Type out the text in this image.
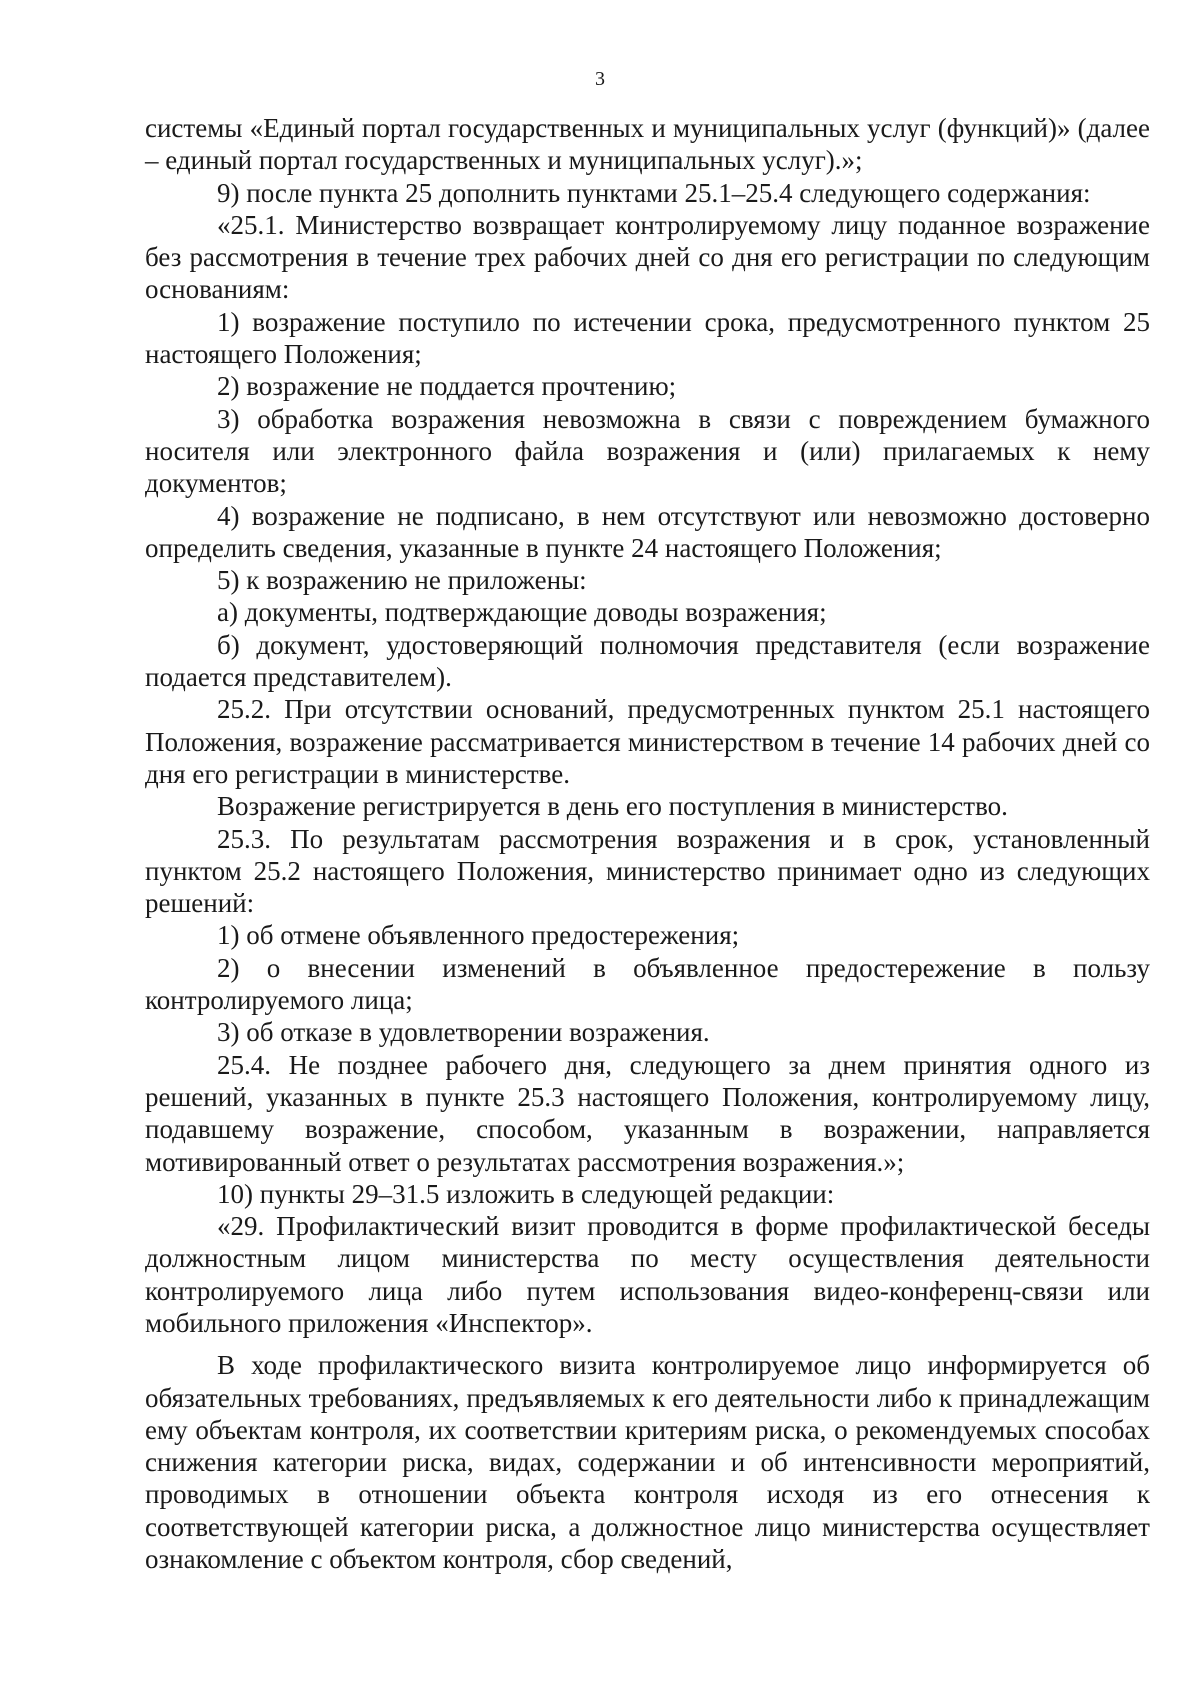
3

системы «Единый портал государственных и муниципальных услуг (функций)» (далее – единый портал государственных и муниципальных услуг).»;

9) после пункта 25 дополнить пунктами 25.1–25.4 следующего содержания:

«25.1. Министерство возвращает контролируемому лицу поданное возражение без рассмотрения в течение трех рабочих дней со дня его регистрации по следующим основаниям:

1) возражение поступило по истечении срока, предусмотренного пунктом 25 настоящего Положения;

2) возражение не поддается прочтению;

3) обработка возражения невозможна в связи с повреждением бумажного носителя или электронного файла возражения и (или) прилагаемых к нему документов;

4) возражение не подписано, в нем отсутствуют или невозможно достоверно определить сведения, указанные в пункте 24 настоящего Положения;

5) к возражению не приложены:

а) документы, подтверждающие доводы возражения;

б) документ, удостоверяющий полномочия представителя (если возражение подается представителем).

25.2. При отсутствии оснований, предусмотренных пунктом 25.1 настоящего Положения, возражение рассматривается министерством в течение 14 рабочих дней со дня его регистрации в министерстве.

Возражение регистрируется в день его поступления в министерство.

25.3. По результатам рассмотрения возражения и в срок, установленный пунктом 25.2 настоящего Положения, министерство принимает одно из следующих решений:

1) об отмене объявленного предостережения;

2) о внесении изменений в объявленное предостережение в пользу контролируемого лица;

3) об отказе в удовлетворении возражения.

25.4. Не позднее рабочего дня, следующего за днем принятия одного из решений, указанных в пункте 25.3 настоящего Положения, контролируемому лицу, подавшему возражение, способом, указанным в возражении, направляется мотивированный ответ о результатах рассмотрения возражения.»;

10) пункты 29–31.5 изложить в следующей редакции:

«29. Профилактический визит проводится в форме профилактической беседы должностным лицом министерства по месту осуществления деятельности контролируемого лица либо путем использования видео-конференц-связи или мобильного приложения «Инспектор».

В ходе профилактического визита контролируемое лицо информируется об обязательных требованиях, предъявляемых к его деятельности либо к принадлежащим ему объектам контроля, их соответствии критериям риска, о рекомендуемых способах снижения категории риска, видах, содержании и об интенсивности мероприятий, проводимых в отношении объекта контроля исходя из его отнесения к соответствующей категории риска, а должностное лицо министерства осуществляет ознакомление с объектом контроля, сбор сведений,
